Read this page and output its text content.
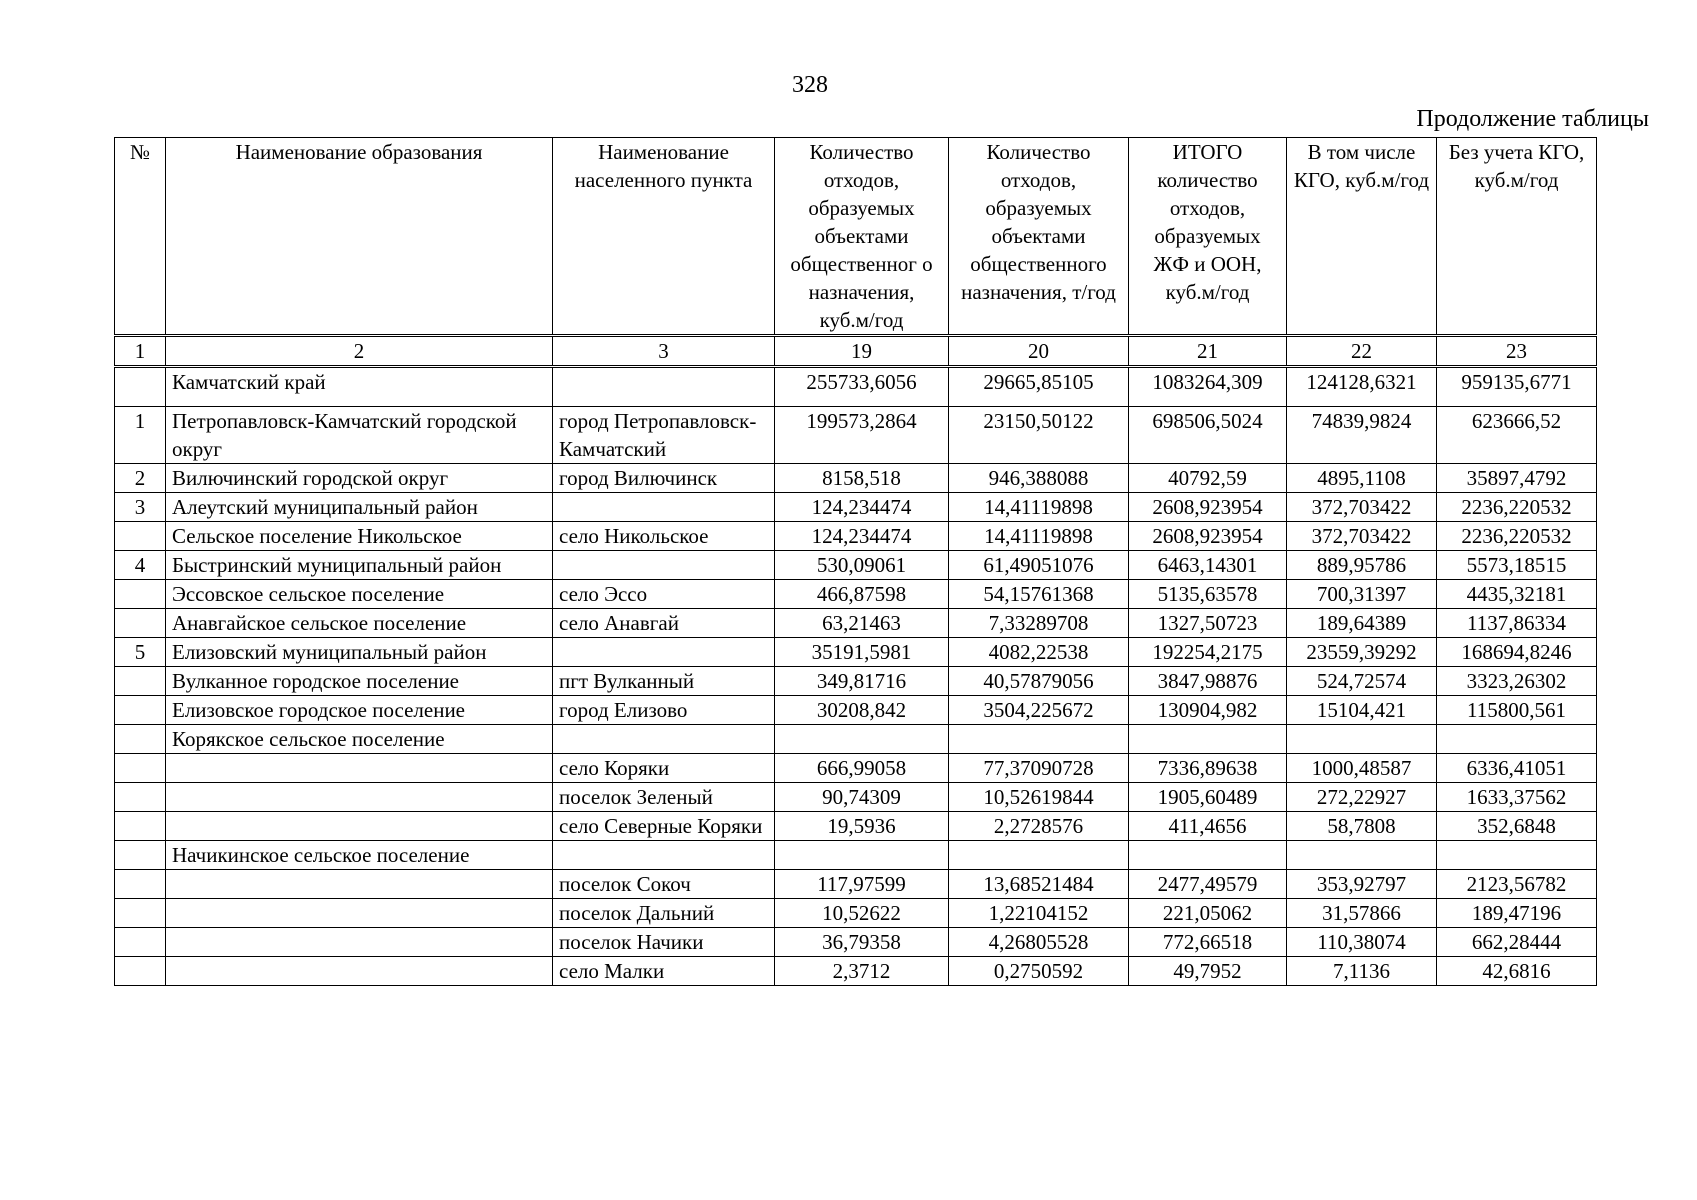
328
Продолжение таблицы
№	Наименование образования	Наименование населенного пункта	Количество отходов, образуемых объектами общественног о назначения, куб.м/год	Количество отходов, образуемых объектами общественного назначения, т/год	ИТОГО количество отходов, образуемых ЖФ и ООН, куб.м/год	В том числе КГО, куб.м/год	Без учета КГО, куб.м/год
1	2	3	19	20	21	22	23
	Камчатский край		255733,6056	29665,85105	1083264,309	124128,6321	959135,6771
1	Петропавловск-Камчатский городской округ	город Петропавловск-Камчатский	199573,2864	23150,50122	698506,5024	74839,9824	623666,52
2	Вилючинский городской округ	город Вилючинск	8158,518	946,388088	40792,59	4895,1108	35897,4792
3	Алеутский муниципальный район		124,234474	14,41119898	2608,923954	372,703422	2236,220532
	Сельское поселение Никольское	село Никольское	124,234474	14,41119898	2608,923954	372,703422	2236,220532
4	Быстринский муниципальный район		530,09061	61,49051076	6463,14301	889,95786	5573,18515
	Эссовское сельское поселение	село Эссо	466,87598	54,15761368	5135,63578	700,31397	4435,32181
	Анавгайское сельское поселение	село Анавгай	63,21463	7,33289708	1327,50723	189,64389	1137,86334
5	Елизовский муниципальный район		35191,5981	4082,22538	192254,2175	23559,39292	168694,8246
	Вулканное городское поселение	пгт Вулканный	349,81716	40,57879056	3847,98876	524,72574	3323,26302
	Елизовское городское поселение	город Елизово	30208,842	3504,225672	130904,982	15104,421	115800,561
	Корякское сельское поселение						
		село Коряки	666,99058	77,37090728	7336,89638	1000,48587	6336,41051
		поселок Зеленый	90,74309	10,52619844	1905,60489	272,22927	1633,37562
		село Северные Коряки	19,5936	2,2728576	411,4656	58,7808	352,6848
	Начикинское сельское поселение						
		поселок Сокоч	117,97599	13,68521484	2477,49579	353,92797	2123,56782
		поселок Дальний	10,52622	1,22104152	221,05062	31,57866	189,47196
		поселок Начики	36,79358	4,26805528	772,66518	110,38074	662,28444
		село Малки	2,3712	0,2750592	49,7952	7,1136	42,6816
